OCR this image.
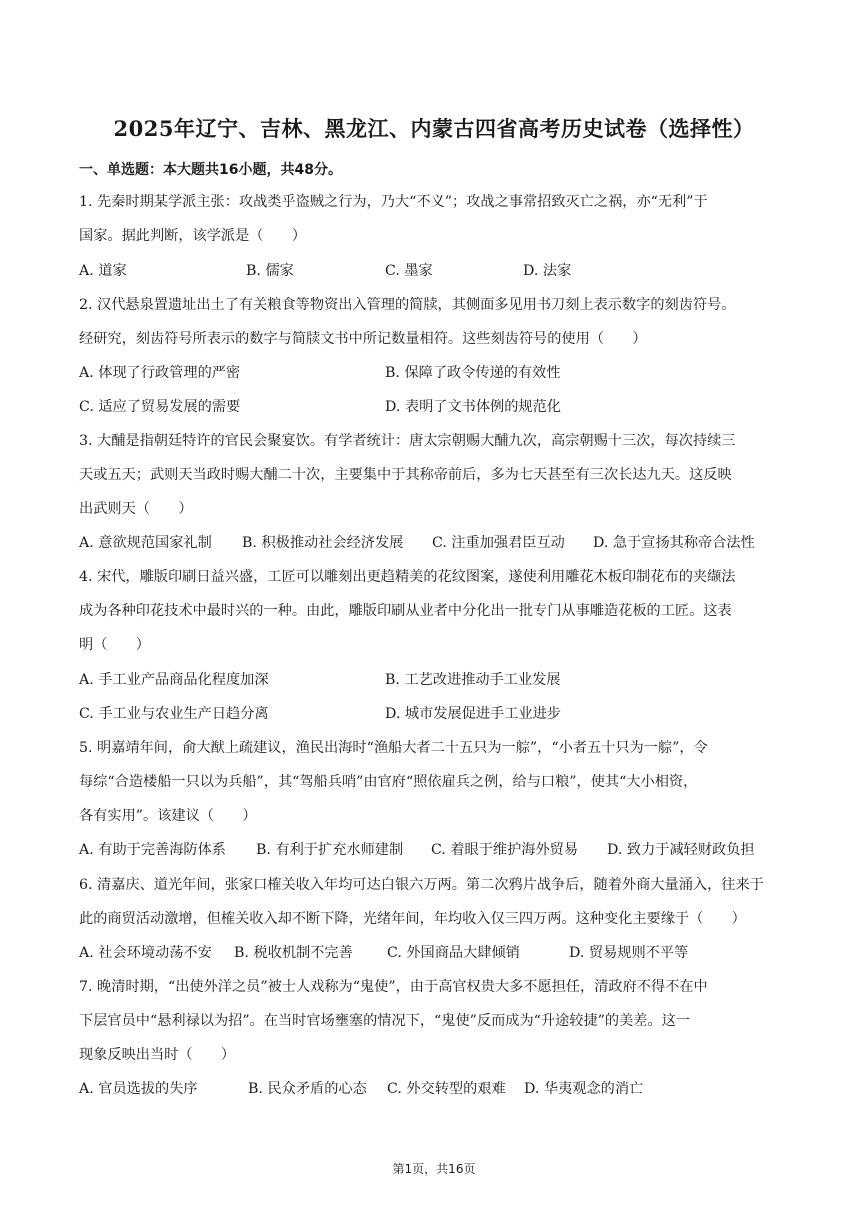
2025年辽宁、吉林、黑龙江、内蒙古四省高考历史试卷（选择性）
一、单选题：本大题共16小题，共48分。
1. 先秦时期某学派主张：攻战类乎盗贼之行为，乃大“不义”；攻战之事常招致灭亡之祸，亦“无利”于
国家。据此判断，该学派是（　　）
A. 道家	B. 儒家	C. 墨家	D. 法家
2. 汉代悬泉置遗址出土了有关粮食等物资出入管理的简牍，其侧面多见用书刀刻上表示数字的刻齿符号。
经研究，刻齿符号所表示的数字与简牍文书中所记数量相符。这些刻齿符号的使用（　　）
A. 体现了行政管理的严密	B. 保障了政令传递的有效性
C. 适应了贸易发展的需要	D. 表明了文书体例的规范化
3. 大酺是指朝廷特许的官民会聚宴饮。有学者统计：唐太宗朝赐大酺九次，高宗朝赐十三次，每次持续三
天或五天；武则天当政时赐大酺二十次，主要集中于其称帝前后，多为七天甚至有三次长达九天。这反映
出武则天（　　）
A. 意欲规范国家礼制 B. 积极推动社会经济发展 C. 注重加强君臣互动 D. 急于宣扬其称帝合法性
4. 宋代，雕版印刷日益兴盛，工匠可以雕刻出更趋精美的花纹图案，遂使利用雕花木板印制花布的夹缬法
成为各种印花技术中最时兴的一种。由此，雕版印刷从业者中分化出一批专门从事雕造花板的工匠。这表
明（　　）
A. 手工业产品商品化程度加深	B. 工艺改进推动手工业发展
C. 手工业与农业生产日趋分离	D. 城市发展促进手工业进步
5. 明嘉靖年间，俞大猷上疏建议，渔民出海时“渔船大者二十五只为一䑸”，“小者五十只为一䑸”，令
每综“合造楼船一只以为兵船”，其“驾船兵哨”由官府“照依雇兵之例，给与口粮”，使其“大小相资，
各有实用”。该建议（　　）
A. 有助于完善海防体系 B. 有利于扩充水师建制 C. 着眼于维护海外贸易 D. 致力于减轻财政负担
6. 清嘉庆、道光年间，张家口榷关收入年均可达白银六万两。第二次鸦片战争后，随着外商大量涌入，往来于
此的商贸活动激增，但榷关收入却不断下降，光绪年间，年均收入仅三四万两。这种变化主要缘于（　　）
A. 社会环境动荡不安 B. 税收机制不完善 C. 外国商品大肆倾销	D. 贸易规则不平等
7. 晚清时期，“出使外洋之员”被士人戏称为“鬼使”，由于高官权贵大多不愿担任，清政府不得不在中
下层官员中“悬利禄以为招”。在当时官场壅塞的情况下，“鬼使”反而成为“升途较捷”的美差。这一
现象反映出当时（　　）
A. 官员选拔的失序	B. 民众矛盾的心态 C. 外交转型的艰难 D. 华夷观念的消亡
第1页，共16页
